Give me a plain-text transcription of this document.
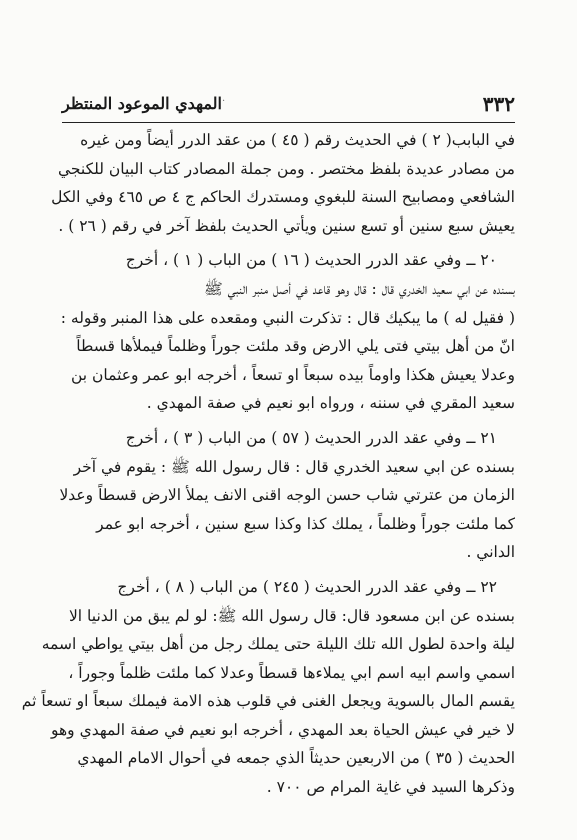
٣٣٢
·
المهدي الموعود المنتظر
في البابب( ٢ ) في الحديث رقم ( ٤٥ ) من عقد الدرر أيضاً ومن غيره
من مصادر عديدة بلفظ مختصر . ومن جملة المصادر كتاب البيان للكنجي
الشافعي ومصابيح السنة للبغوي ومستدرك الحاكم ج ٤ ص ٤٦٥ وفي الكل
يعيش سبع سنين أو تسع سنين ويأتي الحديث بلفظ آخر في رقم ( ٢٦ ) .
٢٠ ــ وفي عقد الدرر الحديث ( ١٦ ) من الباب ( ١ ) ، أخرج
بسنده عن ابي سعيد الخدري قال : قال وهو قاعد في أصل منبر النبي ﷺ
( فقيل له ) ما يبكيك قال : تذكرت النبي ومقعده على هذا المنبر وقوله :
انّ من أهل بيتي فتى يلي الارض وقد ملئت جوراً وظلماً فيملأها قسطاً
وعدلا يعيش هكذا واوماً بيده سبعاً او تسعاً ، أخرجه ابو عمر وعثمان بن
سعيد المقري في سننه ، ورواه ابو نعيم في صفة المهدي .
٢١ ــ وفي عقد الدرر الحديث ( ٥٧ ) من الباب ( ٣ ) ، أخرج
بسنده عن ابي سعيد الخدري قال : قال رسول الله ﷺ : يقوم في آخر
الزمان من عترتي شاب حسن الوجه اقنى الانف يملأ الارض قسطاً وعدلا
كما ملئت جوراً وظلماً ، يملك كذا وكذا سبع سنين ، أخرجه ابو عمر
الداني .
٢٢ ــ وفي عقد الدرر الحديث ( ٢٤٥ ) من الباب ( ٨ ) ، أخرج
بسنده عن ابن مسعود قال: قال رسول الله ﷺ: لو لم يبق من الدنيا الا
ليلة واحدة لطول الله تلك الليلة حتى يملك رجل من أهل بيتي يواطي اسمه
اسمي واسم ابيه اسم ابي يملاءها قسطاً وعدلا كما ملئت ظلماً وجوراً ،
يقسم المال بالسوية ويجعل الغنى في قلوب هذه الامة فيملك سبعاً او تسعاً ثم
لا خير في عيش الحياة بعد المهدي ، أخرجه ابو نعيم في صفة المهدي وهو
الحديث ( ٣٥ ) من الاربعين حديثاً الذي جمعه في أحوال الامام المهدي
وذكرها السيد في غاية المرام ص ٧٠٠ .
